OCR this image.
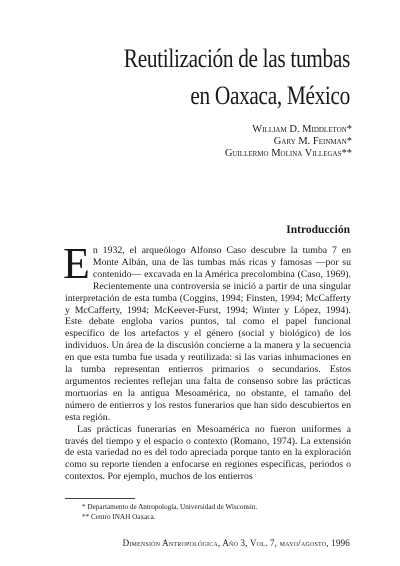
Reutilización de las tumbas
en Oaxaca, México
William D. Middleton*
Gary M. Feinman*
Guillermo Molina Villegas**
Introducción

En 1932, el arqueólogo Alfonso Caso descubre la tumba 7 en Monte Albán, una de las tumbas más ricas y famosas —por su contenido— excavada en la América precolombina (Caso, 1969). Recientemente una controversia se inició a partir de una singular interpretación de esta tumba (Coggins, 1994; Finsten, 1994; McCafferty y McCafferty, 1994; McKeever-Furst, 1994; Winter y López, 1994). Este debate engloba varios puntos, tal como el papel funcional específico de los artefactos y el género (social y biológico) de los individuos. Un área de la discusión concierne a la manera y la secuencia en que esta tumba fue usada y reutilizada: si las varias inhumaciones en la tumba representan entierros primarios o secundarios. Estos argumentos recientes reflejan una falta de consenso sobre las prácticas mortuorias en la antigua Mesoamérica, no obstante, el tamaño del número de entierros y los restos funerarios que han sido descubiertos en esta región.

Las prácticas funerarias en Mesoamérica no fueron uniformes a través del tiempo y el espacio o contexto (Romano, 1974). La extensión de esta variedad no es del todo apreciada porque tanto en la exploración como su reporte tienden a enfocarse en regiones específicas, periodos o contextos. Por ejemplo, muchos de los entierros

* Departamento de Antropología, Universidad de Wisconsin.
** Centro INAH Oaxaca.
Dimensión Antropológica, Año 3, Vol. 7, mayo/agosto, 1996
